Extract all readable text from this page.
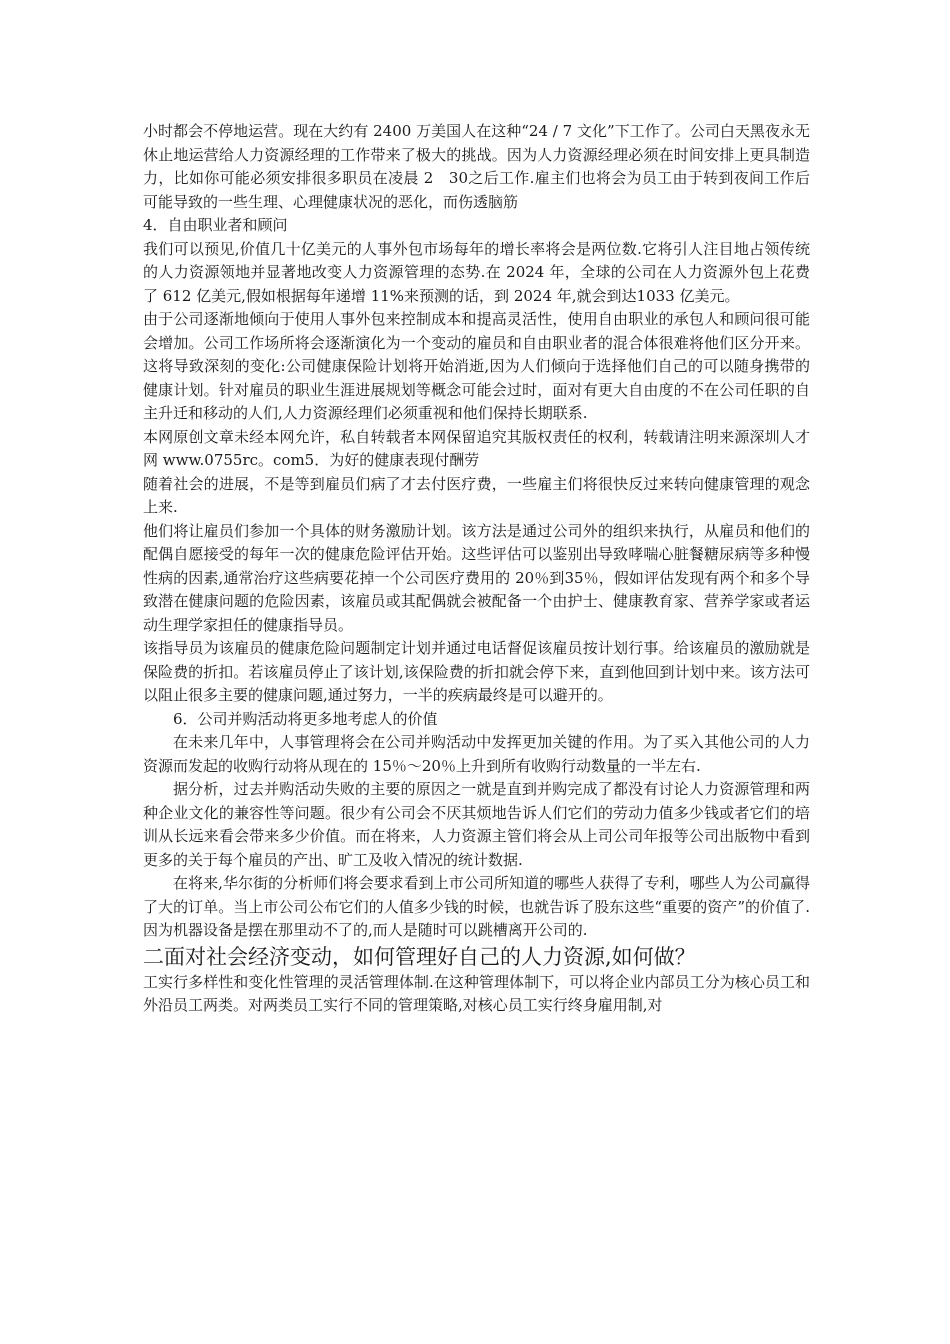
小时都会不停地运营。现在大约有 2400 万美国人在这种“24 / 7 文化”下工作了。公司白天黑夜永无休止地运营给人力资源经理的工作带来了极大的挑战。因为人力资源经理必须在时间安排上更具制造力，比如你可能必须安排很多职员在凌晨 2　30之后工作.雇主们也将会为员工由于转到夜间工作后可能导致的一些生理、心理健康状况的恶化，而伤透脑筋

4．自由职业者和顾问

我们可以预见,价值几十亿美元的人事外包市场每年的增长率将会是两位数.它将引人注目地占领传统的人力资源领地并显著地改变人力资源管理的态势.在 2024 年，全球的公司在人力资源外包上花费了 612 亿美元,假如根据每年递增 11%来预测的话，到 2024 年,就会到达1033 亿美元。

由于公司逐渐地倾向于使用人事外包来控制成本和提高灵活性，使用自由职业的承包人和顾问很可能会增加。公司工作场所将会逐渐演化为一个变动的雇员和自由职业者的混合体很难将他们区分开来。这将导致深刻的变化:公司健康保险计划将开始消逝,因为人们倾向于选择他们自己的可以随身携带的健康计划。针对雇员的职业生涯进展规划等概念可能会过时，面对有更大自由度的不在公司任职的自主升迁和移动的人们,人力资源经理们必须重视和他们保持长期联系.

本网原创文章未经本网允许，私自转载者本网保留追究其版权责任的权利，转载请注明来源深圳人才网 www.0755rc。com5．为好的健康表现付酬劳

随着社会的进展，不是等到雇员们病了才去付医疗费，一些雇主们将很快反过来转向健康管理的观念上来.

他们将让雇员们参加一个具体的财务激励计划。该方法是通过公司外的组织来执行，从雇员和他们的配偶自愿接受的每年一次的健康危险评估开始。这些评估可以鉴别出导致哮喘心脏餐糖尿病等多种慢性病的因素,通常治疗这些病要花掉一个公司医疗费用的 20％到35％，假如评估发现有两个和多个导致潜在健康问题的危险因素，该雇员或其配偶就会被配备一个由护士、健康教育家、营养学家或者运动生理学家担任的健康指导员。

该指导员为该雇员的健康危险问题制定计划并通过电话督促该雇员按计划行事。给该雇员的激励就是保险费的折扣。若该雇员停止了该计划,该保险费的折扣就会停下来，直到他回到计划中来。该方法可以阻止很多主要的健康问题,通过努力，一半的疾病最终是可以避开的。

6．公司并购活动将更多地考虑人的价值

在未来几年中，人事管理将会在公司并购活动中发挥更加关键的作用。为了买入其他公司的人力资源而发起的收购行动将从现在的 15％～20％上升到所有收购行动数量的一半左右.

据分析，过去并购活动失败的主要的原因之一就是直到并购完成了都没有讨论人力资源管理和两种企业文化的兼容性等问题。很少有公司会不厌其烦地告诉人们它们的劳动力值多少钱或者它们的培训从长远来看会带来多少价值。而在将来，人力资源主管们将会从上司公司年报等公司出版物中看到更多的关于每个雇员的产出、旷工及收入情况的统计数据.

在将来,华尔街的分析师们将会要求看到上市公司所知道的哪些人获得了专利，哪些人为公司赢得了大的订单。当上市公司公布它们的人值多少钱的时候，也就告诉了股东这些“重要的资产”的价值了.因为机器设备是摆在那里动不了的,而人是随时可以跳槽离开公司的.

二面对社会经济变动，如何管理好自己的人力资源,如何做？

工实行多样性和变化性管理的灵活管理体制.在这种管理体制下，可以将企业内部员工分为核心员工和外沿员工两类。对两类员工实行不同的管理策略,对核心员工实行终身雇用制,对
